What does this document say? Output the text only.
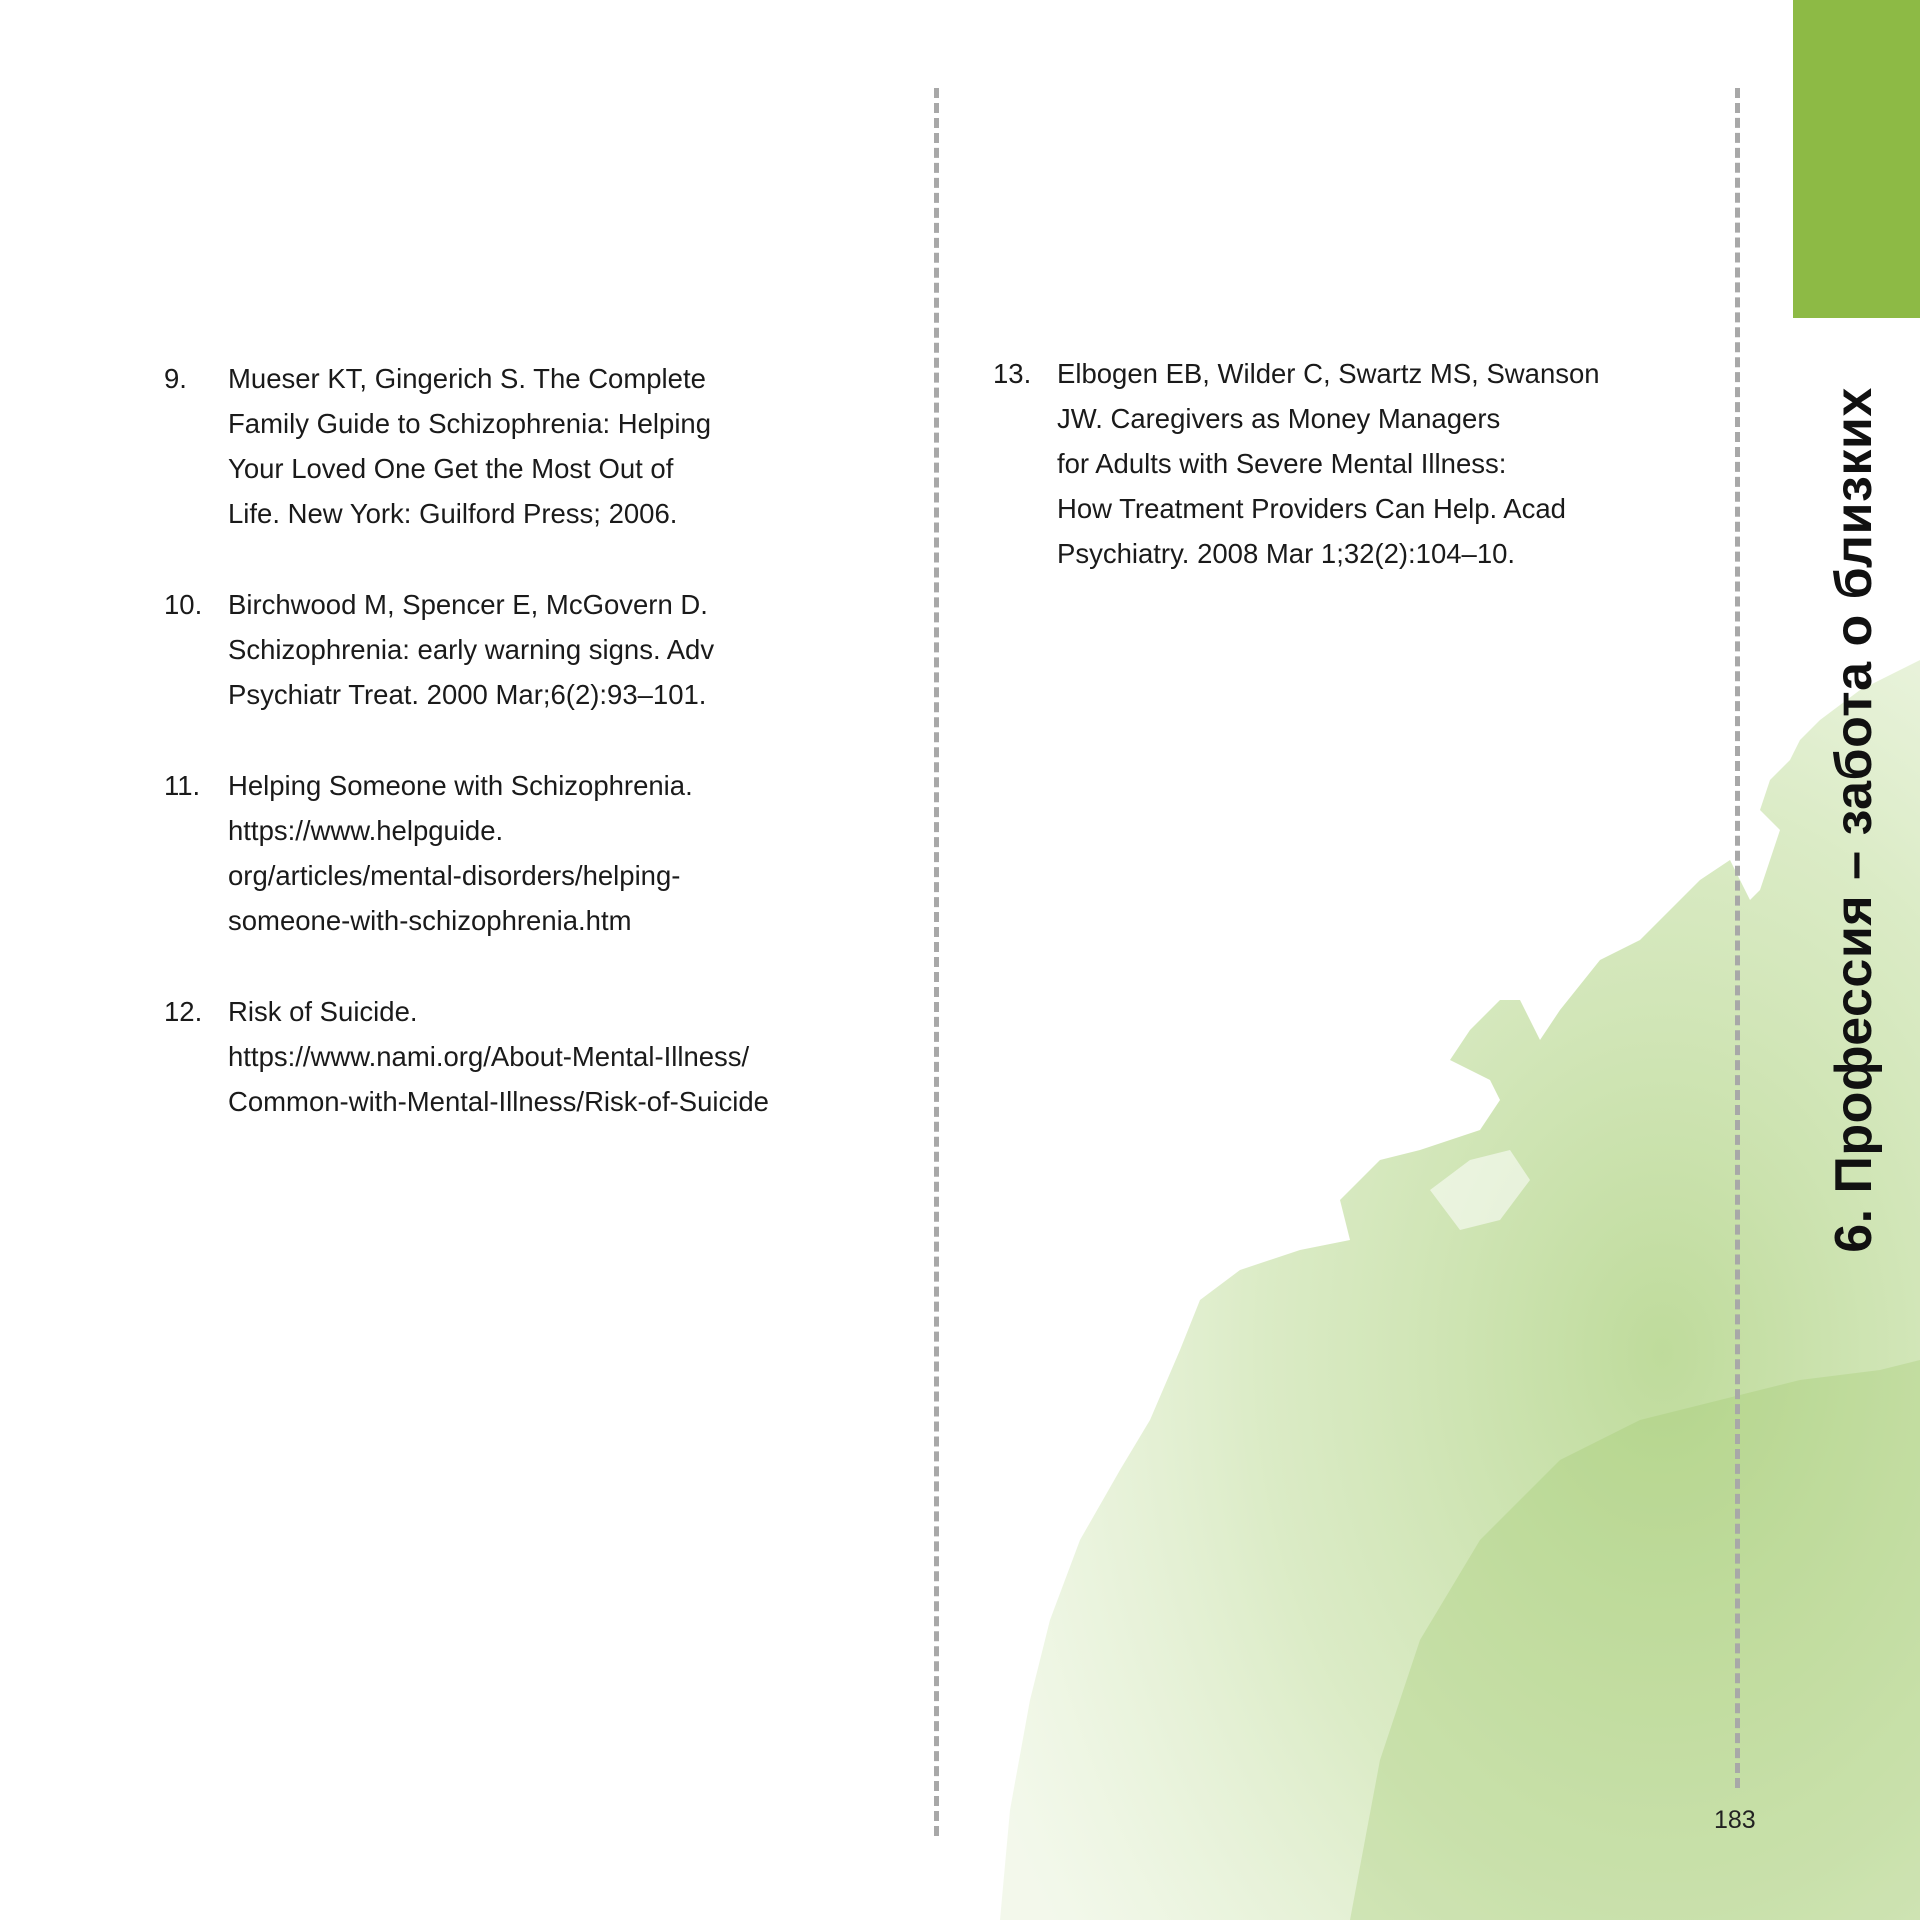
6. Профессия – забота о близких
9. Mueser KT, Gingerich S. The Complete
Family Guide to Schizophrenia: Helping
Your Loved One Get the Most Out of
Life. New York: Guilford Press; 2006.
10. Birchwood M, Spencer E, McGovern D.
Schizophrenia: early warning signs. Adv
Psychiatr Treat. 2000 Mar;6(2):93–101.
11. Helping Someone with Schizophrenia.
https://www.helpguide.
org/articles/mental-disorders/helping-
someone-with-schizophrenia.htm
12. Risk of Suicide.
https://www.nami.org/About-Mental-Illness/
Common-with-Mental-Illness/Risk-of-Suicide
13. Elbogen EB, Wilder C, Swartz MS, Swanson
JW. Caregivers as Money Managers
for Adults with Severe Mental Illness:
How Treatment Providers Can Help. Acad
Psychiatry. 2008 Mar 1;32(2):104–10.
183
